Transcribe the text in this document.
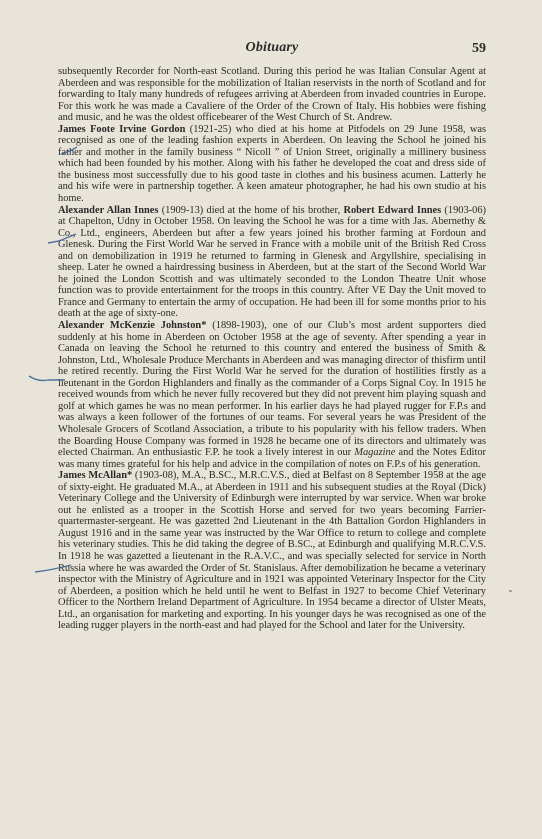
Obituary	59

subsequently Recorder for North-east Scotland. During this period he was Italian Consular Agent at Aberdeen and was responsible for the mobilization of Italian reservists in the north of Scotland and for forwarding to Italy many hundreds of refugees arriving at Aberdeen from invaded countries in Europe. For this work he was made a Cavaliere of the Order of the Crown of Italy. His hobbies were fishing and music, and he was the oldest officebearer of the West Church of St. Andrew.

James Foote Irvine Gordon (1921-25) who died at his home at Pitfodels on 29 June 1958, was recognised as one of the leading fashion experts in Aberdeen. On leaving the School he joined his father and mother in the family business “ Nicoll ” of Union Street, originally a millinery business which had been founded by his mother. Along with his father he developed the coat and dress side of the business most successfully due to his good taste in clothes and his business acumen. Latterly he and his wife were in partnership together. A keen amateur photographer, he had his own studio at his home.

Alexander Allan Innes (1909-13) died at the home of his brother, Robert Edward Innes (1903-06) at Chapelton, Udny in October 1958. On leaving the School he was for a time with Jas. Abernethy & Co., Ltd., engineers, Aberdeen but after a few years joined his brother farming at Fordoun and Glenesk. During the First World War he served in France with a mobile unit of the British Red Cross and on demobilization in 1919 he returned to farming in Glenesk and Argyllshire, specialising in sheep. Later he owned a hairdressing business in Aberdeen, but at the start of the Second World War he joined the London Scottish and was ultimately seconded to the London Theatre Unit whose function was to provide entertainment for the troops in this country. After VE Day the Unit moved to France and Germany to entertain the army of occupation. He had been ill for some months prior to his death at the age of sixty-one.

Alexander McKenzie Johnston* (1898-1903), one of our Club’s most ardent supporters died suddenly at his home in Aberdeen on October 1958 at the age of seventy. After spending a year in Canada on leaving the School he returned to this country and entered the business of Smith & Johnston, Ltd., Wholesale Produce Merchants in Aberdeen and was managing director of thisfirm until he retired recently. During the First World War he served for the duration of hostilities firstly as a lieutenant in the Gordon Highlanders and finally as the commander of a Corps Signal Coy. In 1915 he received wounds from which he never fully recovered but they did not prevent him playing squash and golf at which games he was no mean performer. In his earlier days he had played rugger for F.P.s and was always a keen follower of the fortunes of our teams. For several years he was President of the Wholesale Grocers of Scotland Association, a tribute to his popularity with his fellow traders. When the Boarding House Company was formed in 1928 he became one of its directors and ultimately was elected Chairman. An enthusiastic F.P. he took a lively interest in our Magazine and the Notes Editor was many times grateful for his help and advice in the compilation of notes on F.P.s of his generation.

James McAllan* (1903-08), M.A., B.SC., M.R.C.V.S., died at Belfast on 8 September 1958 at the age of sixty-eight. He graduated M.A., at Aberdeen in 1911 and his subsequent studies at the Royal (Dick) Veterinary College and the University of Edinburgh were interrupted by war service. When war broke out he enlisted as a trooper in the Scottish Horse and served for two years becoming Farrier-quartermaster-sergeant. He was gazetted 2nd Lieutenant in the 4th Battalion Gordon Highlanders in August 1916 and in the same year was instructed by the War Office to return to college and complete his veterinary studies. This he did taking the degree of B.SC., at Edinburgh and qualifying M.R.C.V.S. In 1918 he was gazetted a lieutenant in the R.A.V.C., and was specially selected for service in North Russia where he was awarded the Order of St. Stanislaus. After demobilization he became a veterinary inspector with the Ministry of Agriculture and in 1921 was appointed Veterinary Inspector for the City of Aberdeen, a position which he held until he went to Belfast in 1927 to become Chief Veterinary Officer to the Northern Ireland Department of Agriculture. In 1954 became a director of Ulster Meats, Ltd., an organisation for marketing and exporting. In his younger days he was recognised as one of the leading rugger players in the north-east and had played for the School and later for the University.
